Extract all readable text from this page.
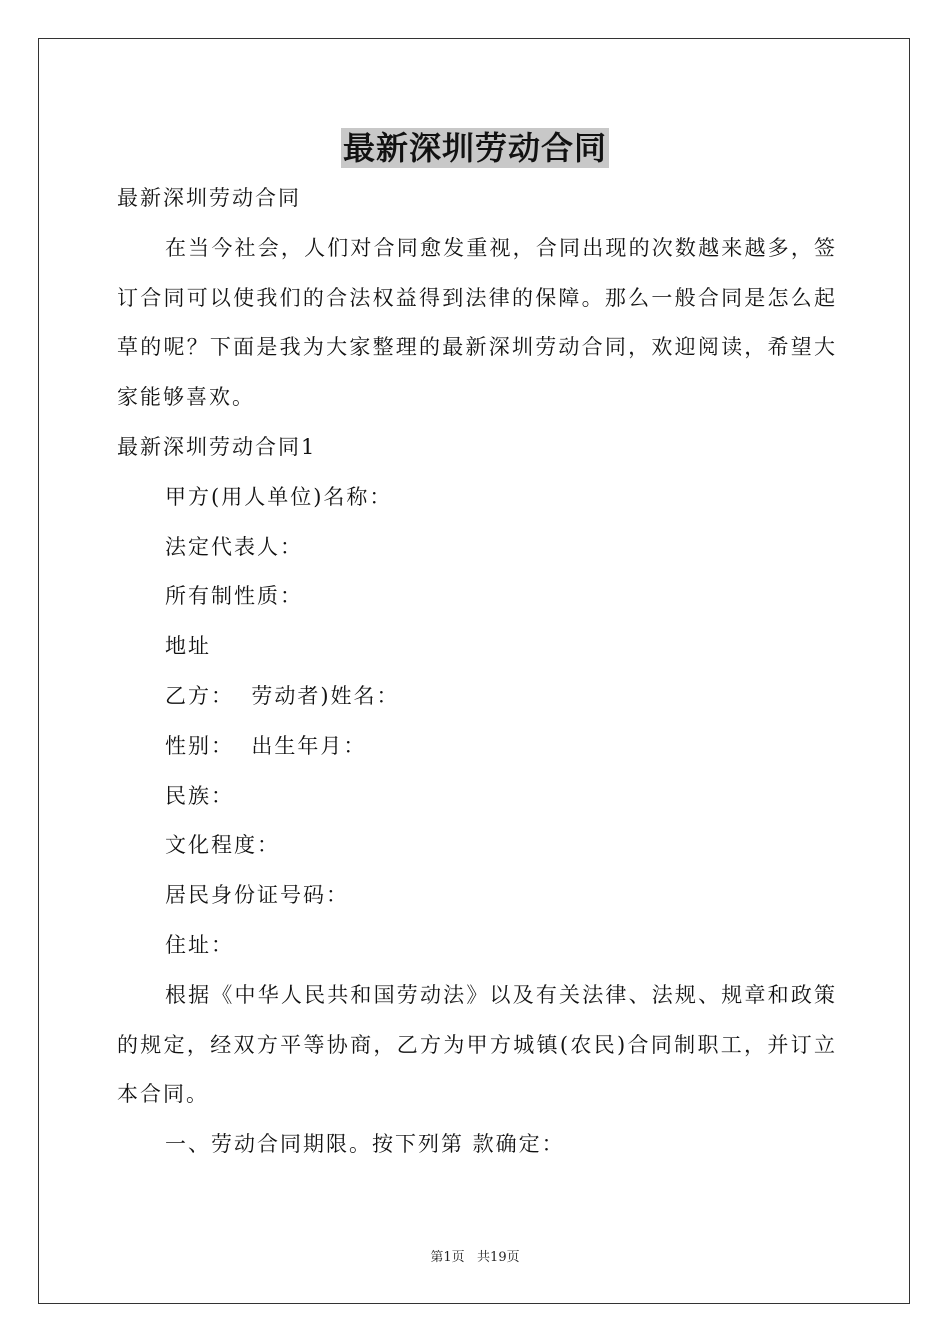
最新深圳劳动合同
最新深圳劳动合同

在当今社会，人们对合同愈发重视，合同出现的次数越来越多，签订合同可以使我们的合法权益得到法律的保障。那么一般合同是怎么起草的呢？下面是我为大家整理的最新深圳劳动合同，欢迎阅读，希望大家能够喜欢。

最新深圳劳动合同1
甲方(用人单位)名称：
法定代表人：
所有制性质：
地址
乙方：  劳动者)姓名：
性别：  出生年月：
民族：
文化程度：
居民身份证号码：
住址：

根据《中华人民共和国劳动法》以及有关法律、法规、规章和政策的规定，经双方平等协商，乙方为甲方城镇(农民)合同制职工，并订立本合同。

一、劳动合同期限。按下列第 款确定：
第1页   共19页
